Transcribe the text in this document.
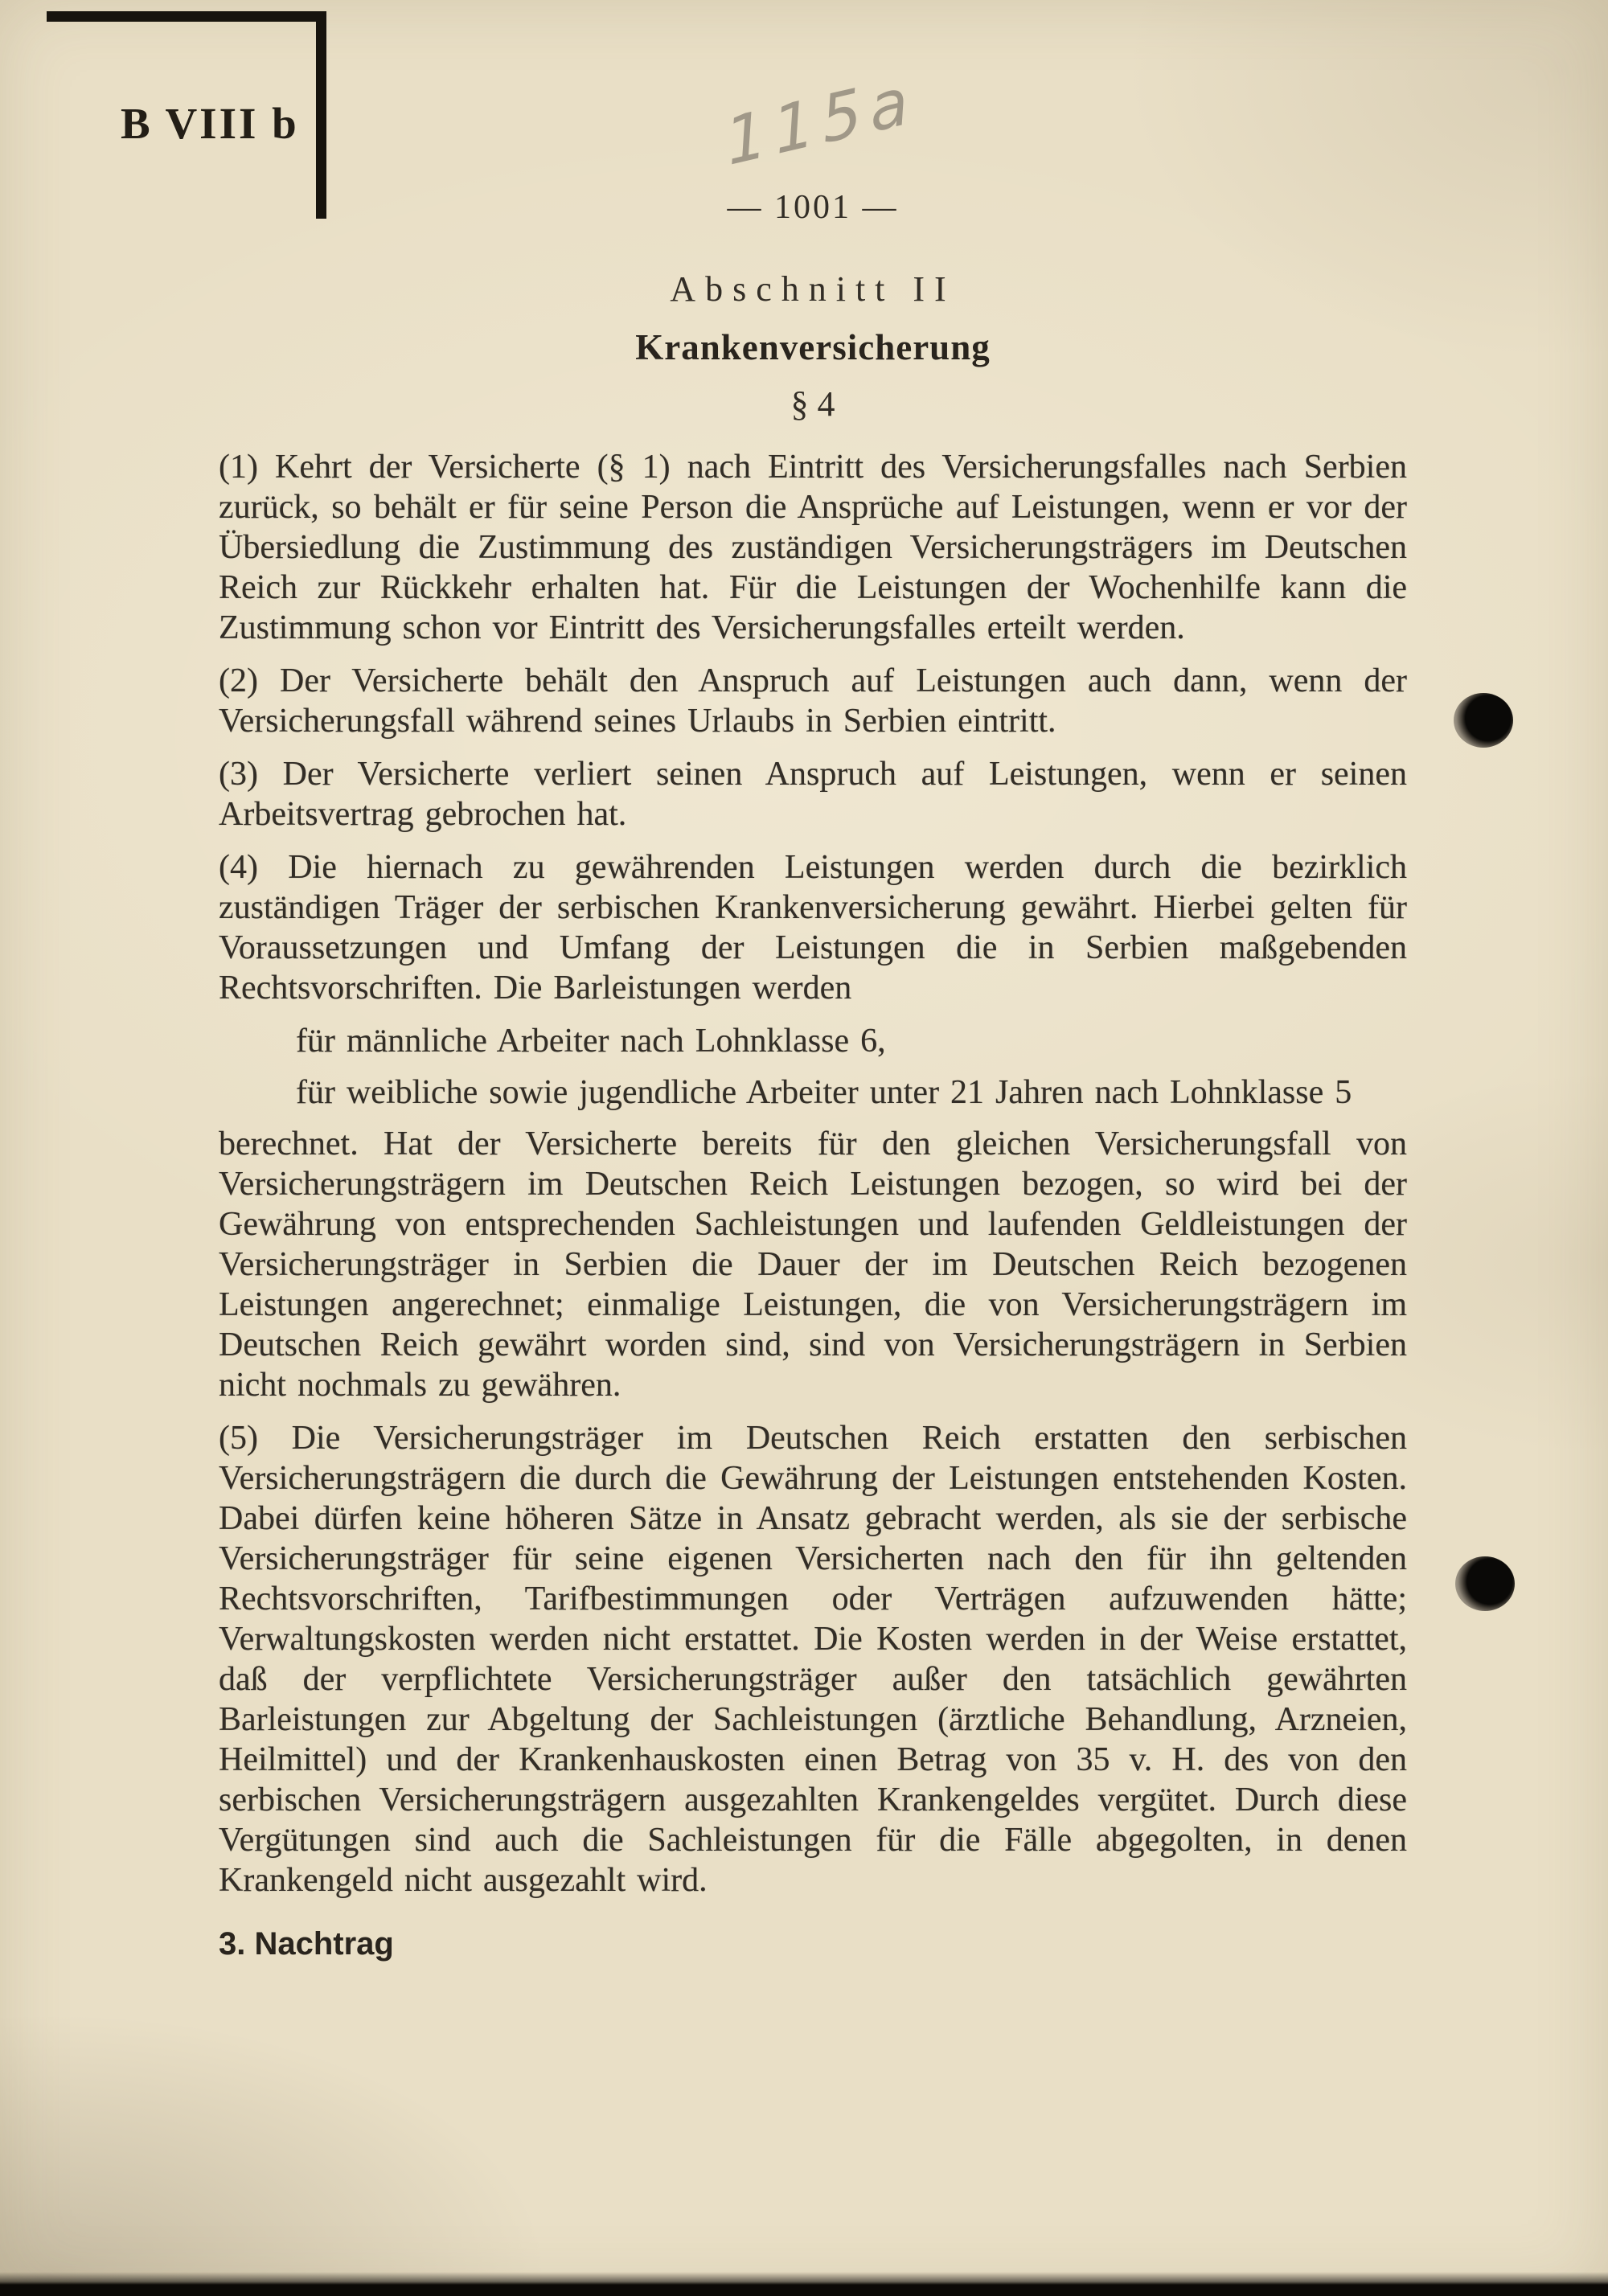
B VIII b	115a
— 1001 —
Abschnitt II
Krankenversicherung
§ 4

(1) Kehrt der Versicherte (§ 1) nach Eintritt des Versicherungsfalles nach Serbien zurück, so behält er für seine Person die Ansprüche auf Leistungen, wenn er vor der Übersiedlung die Zustimmung des zuständigen Versicherungsträgers im Deutschen Reich zur Rückkehr erhalten hat. Für die Leistungen der Wochenhilfe kann die Zustimmung schon vor Eintritt des Versicherungsfalles erteilt werden.

(2) Der Versicherte behält den Anspruch auf Leistungen auch dann, wenn der Versicherungsfall während seines Urlaubs in Serbien eintritt.

(3) Der Versicherte verliert seinen Anspruch auf Leistungen, wenn er seinen Arbeitsvertrag gebrochen hat.

(4) Die hiernach zu gewährenden Leistungen werden durch die bezirklich zuständigen Träger der serbischen Krankenversicherung gewährt. Hierbei gelten für Voraussetzungen und Umfang der Leistungen die in Serbien maßgebenden Rechtsvorschriften. Die Barleistungen werden

für männliche Arbeiter nach Lohnklasse 6,

für weibliche sowie jugendliche Arbeiter unter 21 Jahren nach Lohnklasse 5

berechnet. Hat der Versicherte bereits für den gleichen Versicherungsfall von Versicherungsträgern im Deutschen Reich Leistungen bezogen, so wird bei der Gewährung von entsprechenden Sachleistungen und laufenden Geldleistungen der Versicherungsträger in Serbien die Dauer der im Deutschen Reich bezogenen Leistungen angerechnet; einmalige Leistungen, die von Versicherungsträgern im Deutschen Reich gewährt worden sind, sind von Versicherungsträgern in Serbien nicht nochmals zu gewähren.

(5) Die Versicherungsträger im Deutschen Reich erstatten den serbischen Versicherungsträgern die durch die Gewährung der Leistungen entstehenden Kosten. Dabei dürfen keine höheren Sätze in Ansatz gebracht werden, als sie der serbische Versicherungsträger für seine eigenen Versicherten nach den für ihn geltenden Rechtsvorschriften, Tarifbestimmungen oder Verträgen aufzuwenden hätte; Verwaltungskosten werden nicht erstattet. Die Kosten werden in der Weise erstattet, daß der verpflichtete Versicherungsträger außer den tatsächlich gewährten Barleistungen zur Abgeltung der Sachleistungen (ärztliche Behandlung, Arzneien, Heilmittel) und der Krankenhauskosten einen Betrag von 35 v. H. des von den serbischen Versicherungsträgern ausgezahlten Krankengeldes vergütet. Durch diese Vergütungen sind auch die Sachleistungen für die Fälle abgegolten, in denen Krankengeld nicht ausgezahlt wird.

3. Nachtrag
